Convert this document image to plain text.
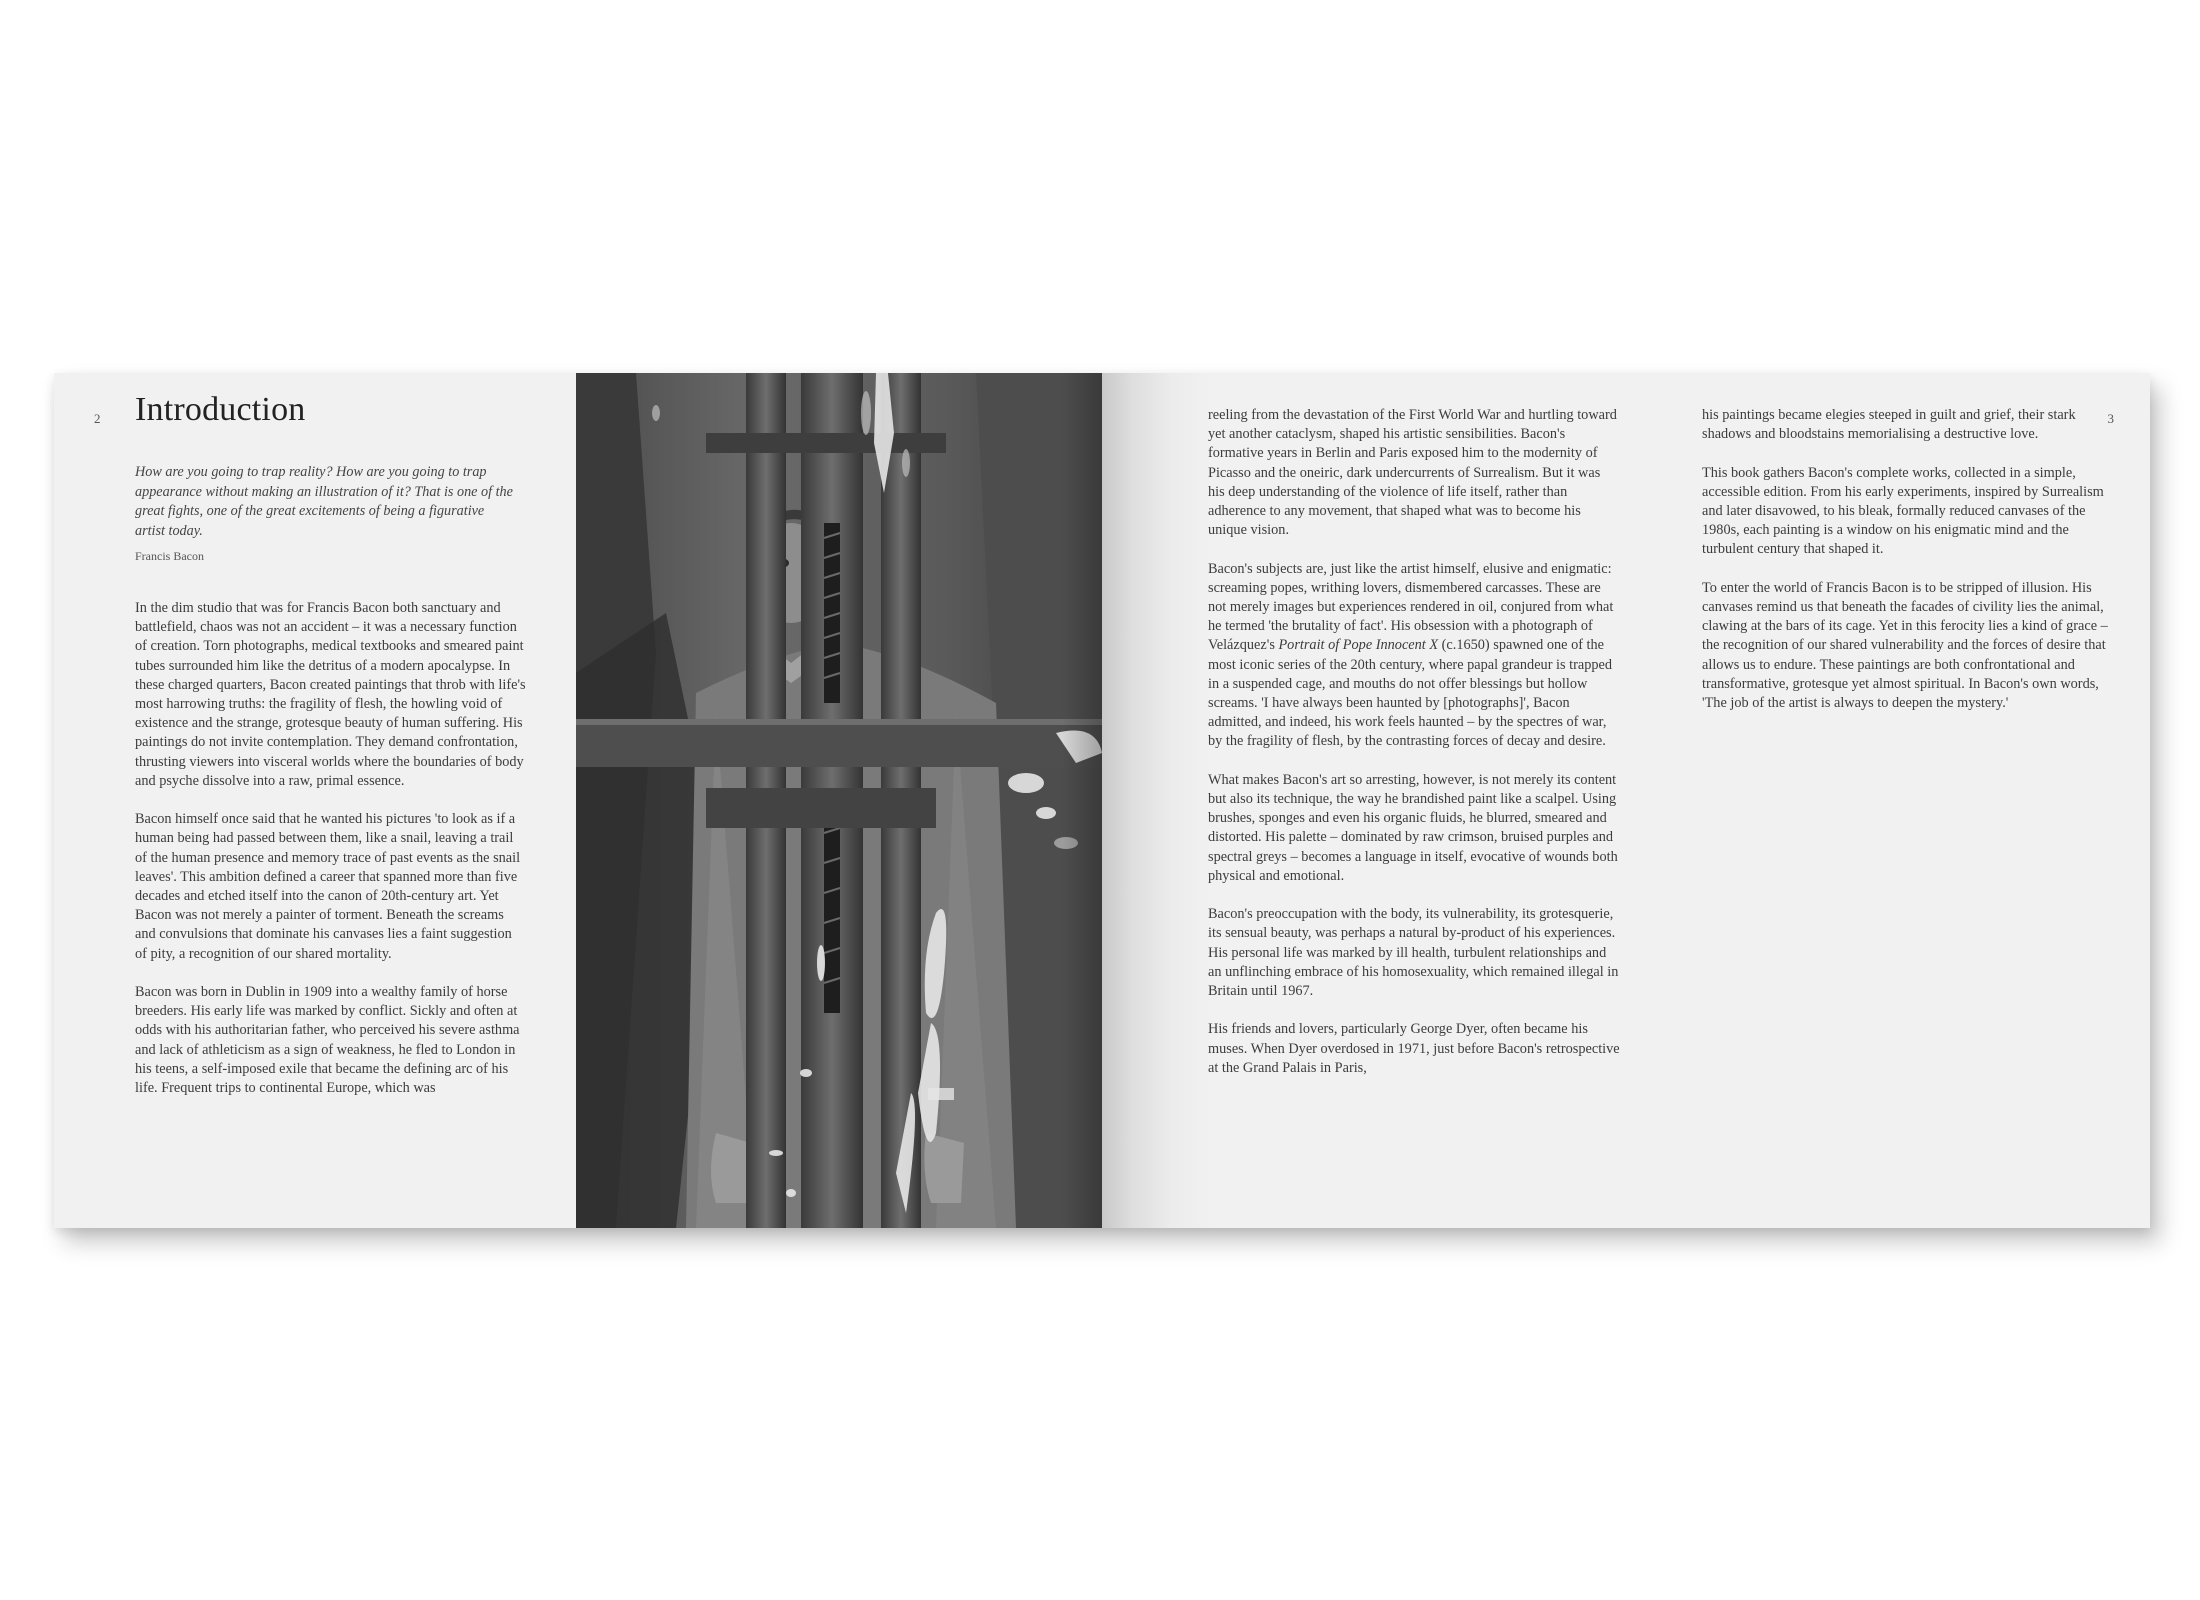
2 Introduction

How are you going to trap reality? How are you going to trap appearance without making an illustration of it? That is one of the great fights, one of the great excitements of being a figurative artist today.

Francis Bacon

In the dim studio that was for Francis Bacon both sanctuary and battlefield, chaos was not an accident – it was a necessary function of creation. Torn photographs, medical textbooks and smeared paint tubes surrounded him like the detritus of a modern apocalypse. In these charged quarters, Bacon created paintings that throb with life's most harrowing truths: the fragility of flesh, the howling void of existence and the strange, grotesque beauty of human suffering. His paintings do not invite contemplation. They demand confrontation, thrusting viewers into visceral worlds where the boundaries of body and psyche dissolve into a raw, primal essence.

Bacon himself once said that he wanted his pictures 'to look as if a human being had passed between them, like a snail, leaving a trail of the human presence and memory trace of past events as the snail leaves'. This ambition defined a career that spanned more than five decades and etched itself into the canon of 20th-century art. Yet Bacon was not merely a painter of torment. Beneath the screams and convulsions that dominate his canvases lies a faint suggestion of pity, a recognition of our shared mortality.

Bacon was born in Dublin in 1909 into a wealthy family of horse breeders. His early life was marked by conflict. Sickly and often at odds with his authoritarian father, who perceived his severe asthma and lack of athleticism as a sign of weakness, he fled to London in his teens, a self-imposed exile that became the defining arc of his life. Frequent trips to continental Europe, which was

3

reeling from the devastation of the First World War and hurtling toward yet another cataclysm, shaped his artistic sensibilities. Bacon's formative years in Berlin and Paris exposed him to the modernity of Picasso and the oneiric, dark undercurrents of Surrealism. But it was his deep understanding of the violence of life itself, rather than adherence to any movement, that shaped what was to become his unique vision.

Bacon's subjects are, just like the artist himself, elusive and enigmatic: screaming popes, writhing lovers, dismembered carcasses. These are not merely images but experiences rendered in oil, conjured from what he termed 'the brutality of fact'. His obsession with a photograph of Velázquez's Portrait of Pope Innocent X (c.1650) spawned one of the most iconic series of the 20th century, where papal grandeur is trapped in a suspended cage, and mouths do not offer blessings but hollow screams. 'I have always been haunted by [photographs]', Bacon admitted, and indeed, his work feels haunted – by the spectres of war, by the fragility of flesh, by the contrasting forces of decay and desire.

What makes Bacon's art so arresting, however, is not merely its content but also its technique, the way he brandished paint like a scalpel. Using brushes, sponges and even his organic fluids, he blurred, smeared and distorted. His palette – dominated by raw crimson, bruised purples and spectral greys – becomes a language in itself, evocative of wounds both physical and emotional.

Bacon's preoccupation with the body, its vulnerability, its grotesquerie, its sensual beauty, was perhaps a natural by-product of his experiences. His personal life was marked by ill health, turbulent relationships and an unflinching embrace of his homosexuality, which remained illegal in Britain until 1967.

His friends and lovers, particularly George Dyer, often became his muses. When Dyer overdosed in 1971, just before Bacon's retrospective at the Grand Palais in Paris,

his paintings became elegies steeped in guilt and grief, their stark shadows and bloodstains memorialising a destructive love.

This book gathers Bacon's complete works, collected in a simple, accessible edition. From his early experiments, inspired by Surrealism and later disavowed, to his bleak, formally reduced canvases of the 1980s, each painting is a window on his enigmatic mind and the turbulent century that shaped it.

To enter the world of Francis Bacon is to be stripped of illusion. His canvases remind us that beneath the facades of civility lies the animal, clawing at the bars of its cage. Yet in this ferocity lies a kind of grace – the recognition of our shared vulnerability and the forces of desire that allows us to endure. These paintings are both confrontational and transformative, grotesque yet almost spiritual. In Bacon's own words, 'The job of the artist is always to deepen the mystery.'
